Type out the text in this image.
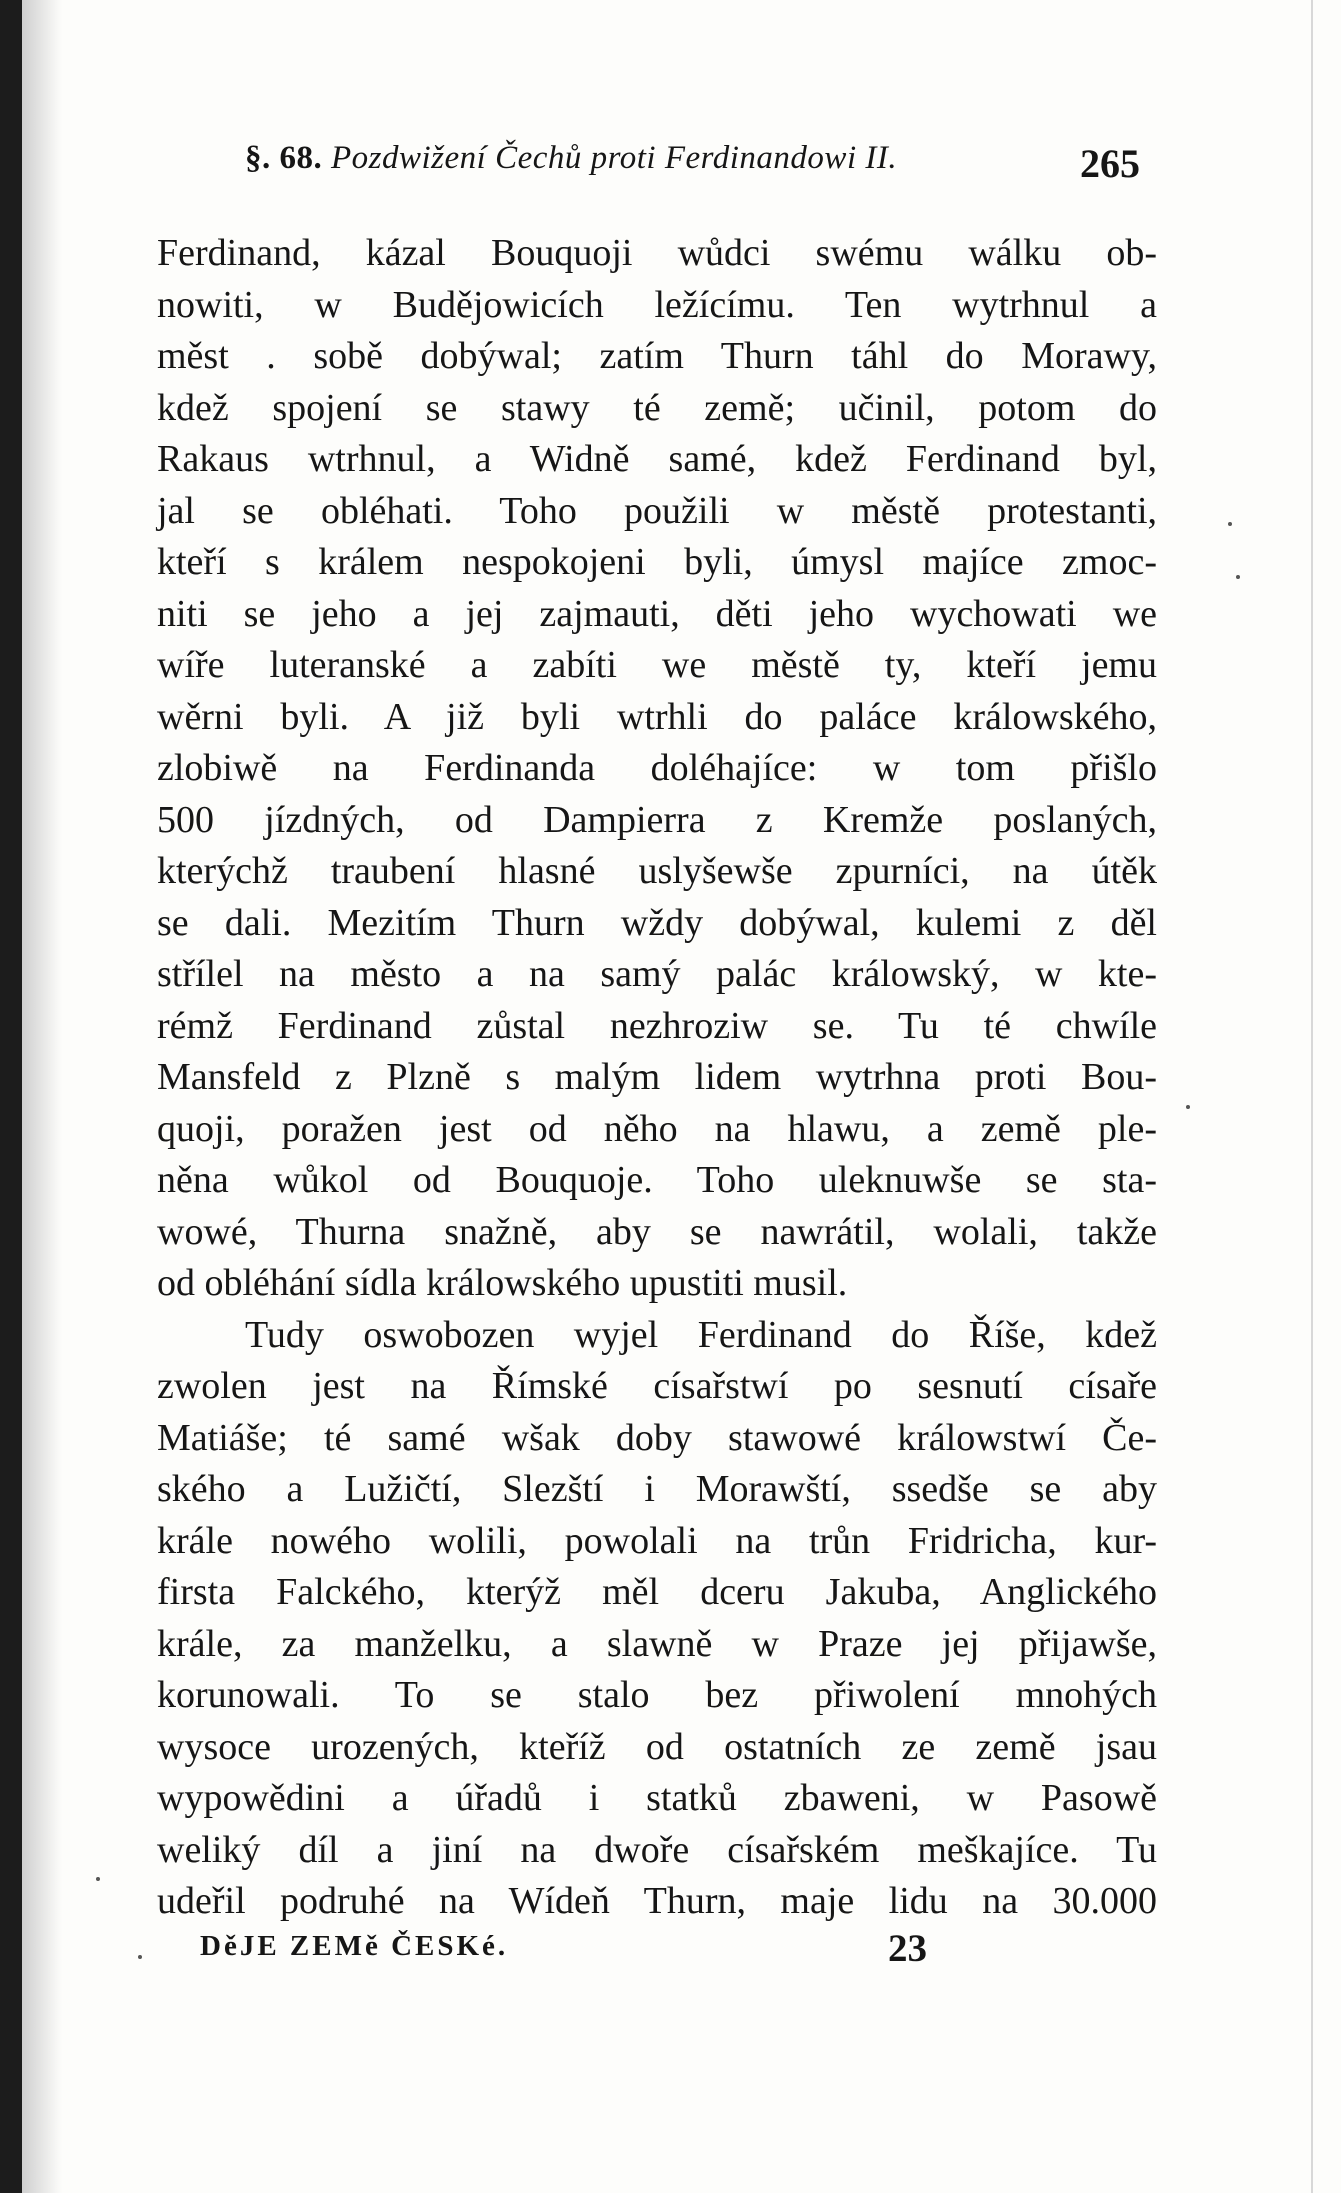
§. 68. Pozdwižení Čechů proti Ferdinandowi II.	265
Ferdinand, kázal Bouquoji wůdci swému wálku ob-
nowiti, w Budějowicích ležícímu. Ten wytrhnul a
měst . sobě dobýwal; zatím Thurn táhl do Morawy,
kdež spojení se stawy té země; učinil, potom do
Rakaus wtrhnul, a Widně samé, kdež Ferdinand byl,
jal se obléhati. Toho použili w městě protestanti,
kteří s králem nespokojeni byli, úmysl majíce zmoc-
niti se jeho a jej zajmauti, děti jeho wychowati we
wíře luteranské a zabíti we městě ty, kteří jemu
wěrni byli. A již byli wtrhli do paláce králowského,
zlobiwě na Ferdinanda doléhajíce: w tom přišlo
500 jízdných, od Dampierra z Kremže poslaných,
kterýchž traubení hlasné uslyšewše zpurníci, na útěk
se dali. Mezitím Thurn wždy dobýwal, kulemi z děl
střílel na město a na samý palác králowský, w kte-
rémž Ferdinand zůstal nezhroziw se. Tu té chwíle
Mansfeld z Plzně s malým lidem wytrhna proti Bou-
quoji, poražen jest od něho na hlawu, a země ple-
něna wůkol od Bouquoje. Toho uleknuwše se sta-
wowé, Thurna snažně, aby se nawrátil, wolali, takže
od obléhání sídla králowského upustiti musil.
Tudy oswobozen wyjel Ferdinand do Říše, kdež
zwolen jest na Římské císařstwí po sesnutí císaře
Matiáše; té samé wšak doby stawowé králowstwí Če-
ského a Lužičtí, Slezští i Morawští, ssedše se aby
krále nowého wolili, powolali na trůn Fridricha, kur-
firsta Falckého, kterýž měl dceru Jakuba, Anglického
krále, za manželku, a slawně w Praze jej přijawše,
korunowali. To se stalo bez přiwolení mnohých
wysoce urozených, kteříž od ostatních ze země jsau
wypowědini a úřadů i statků zbaweni, w Pasowě
weliký díl a jiní na dwoře císařském meškajíce. Tu
udeřil podruhé na Wídeň Thurn, maje lidu na 30.000
DěJE ZEMě ČESKé.	23
